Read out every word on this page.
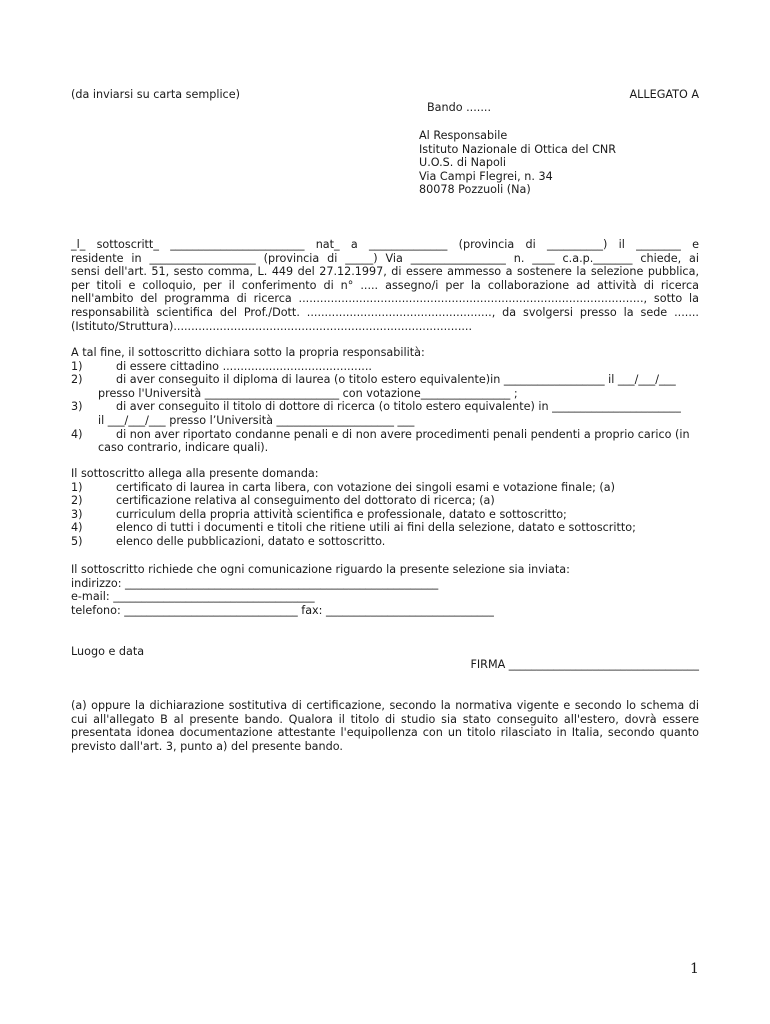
(da inviarsi su carta semplice)	ALLEGATO A
Bando .......
Al Responsabile
Istituto Nazionale di Ottica del CNR
U.O.S. di Napoli
Via Campi Flegrei, n. 34
80078 Pozzuoli (Na)
_l_ sottoscritt_ ________________________ nat_ a ______________ (provincia di __________) il ________ e
residente in ___________________ (provincia di _____) Via _________________ n. ____ c.a.p._______ chiede, ai
sensi dell'art. 51, sesto comma, L. 449 del 27.12.1997, di essere ammesso a sostenere la selezione pubblica,
per titoli e colloquio, per il conferimento di n° ..... assegno/i per la collaborazione ad attività di ricerca
nell'ambito del programma di ricerca ................................................................................................., sotto la
responsabilità scientifica del Prof./Dott. ...................................................., da svolgersi presso la sede .......
(Istituto/Struttura)....................................................................................
A tal fine, il sottoscritto dichiara sotto la propria responsabilità:
1)	di essere cittadino ..........................................
2)	di aver conseguito il diploma di laurea (o titolo estero equivalente)in __________________ il ___/___/___
presso l'Università ________________________ con votazione________________ ;
3)	di aver conseguito il titolo di dottore di ricerca (o titolo estero equivalente) in _______________________
il ___/___/___ presso l’Università _____________________ ___
4)	di non aver riportato condanne penali e di non avere procedimenti penali pendenti a proprio carico (in
caso contrario, indicare quali).
Il sottoscritto allega alla presente domanda:
1)	certificato di laurea in carta libera, con votazione dei singoli esami e votazione finale; (a)
2)	certificazione relativa al conseguimento del dottorato di ricerca; (a)
3)	curriculum della propria attività scientifica e professionale, datato e sottoscritto;
4)	elenco di tutti i documenti e titoli che ritiene utili ai fini della selezione, datato e sottoscritto;
5)	elenco delle pubblicazioni, datato e sottoscritto.
Il sottoscritto richiede che ogni comunicazione riguardo la presente selezione sia inviata:
indirizzo: ________________________________________________________
e-mail: ____________________________________
telefono: _______________________________ fax: ______________________________
Luogo e data
FIRMA __________________________________
(a) oppure la dichiarazione sostitutiva di certificazione, secondo la normativa vigente e secondo lo schema di
cui all'allegato B al presente bando. Qualora il titolo di studio sia stato conseguito all'estero, dovrà essere
presentata idonea documentazione attestante l'equipollenza con un titolo rilasciato in Italia, secondo quanto
previsto dall'art. 3, punto a) del presente bando.
1
